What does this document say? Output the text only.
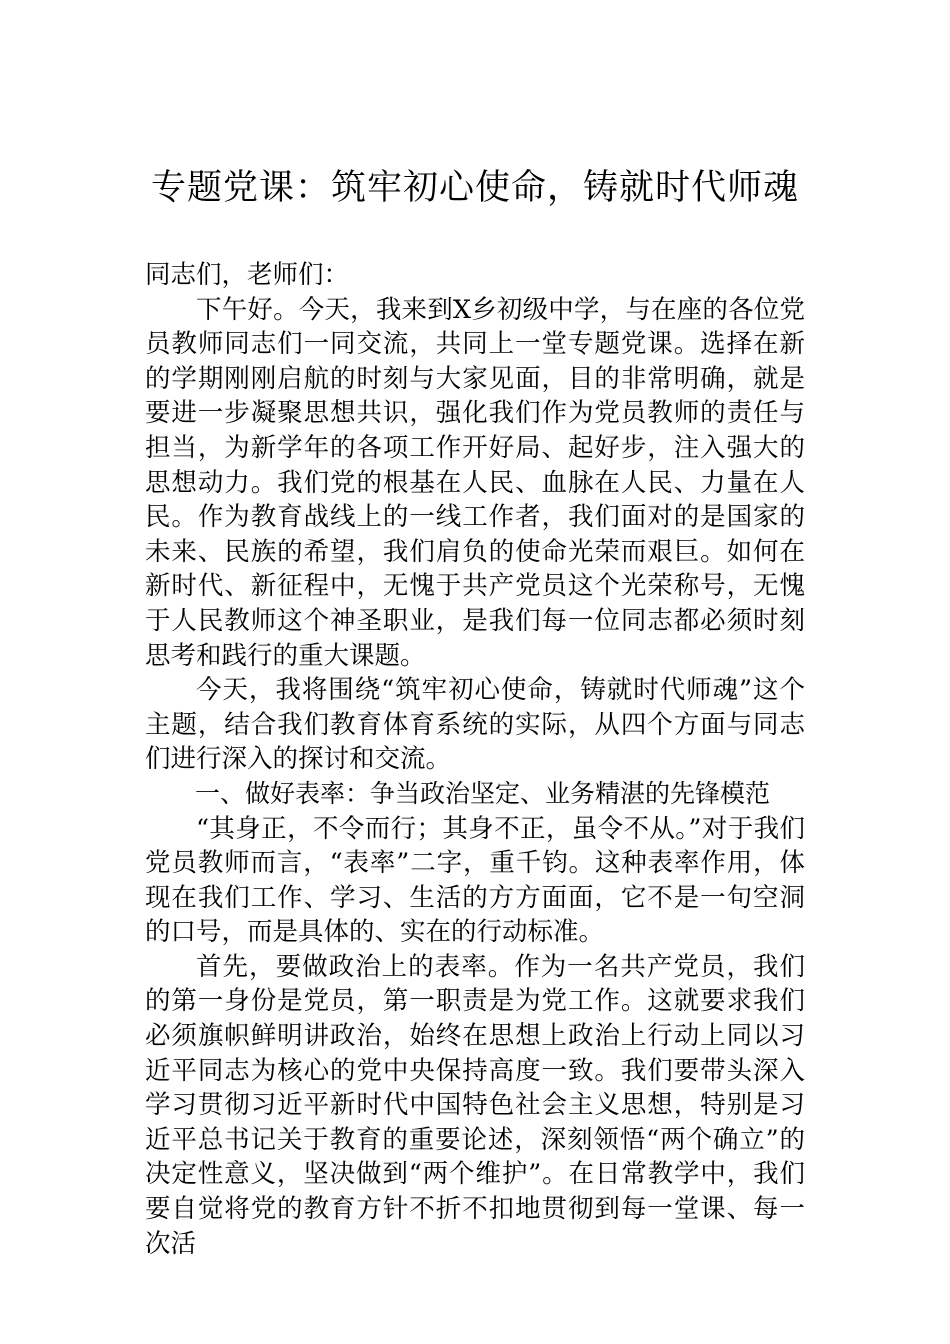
专题党课：筑牢初心使命，铸就时代师魂

同志们，老师们：

下午好。今天，我来到X乡初级中学，与在座的各位党员教师同志们一同交流，共同上一堂专题党课。选择在新的学期刚刚启航的时刻与大家见面，目的非常明确，就是要进一步凝聚思想共识，强化我们作为党员教师的责任与担当，为新学年的各项工作开好局、起好步，注入强大的思想动力。我们党的根基在人民、血脉在人民、力量在人民。作为教育战线上的一线工作者，我们面对的是国家的未来、民族的希望，我们肩负的使命光荣而艰巨。如何在新时代、新征程中，无愧于共产党员这个光荣称号，无愧于人民教师这个神圣职业，是我们每一位同志都必须时刻思考和践行的重大课题。

今天，我将围绕“筑牢初心使命，铸就时代师魂”这个主题，结合我们教育体育系统的实际，从四个方面与同志们进行深入的探讨和交流。

一、做好表率：争当政治坚定、业务精湛的先锋模范

“其身正，不令而行；其身不正，虽令不从。”对于我们党员教师而言，“表率”二字，重千钧。这种表率作用，体现在我们工作、学习、生活的方方面面，它不是一句空洞的口号，而是具体的、实在的行动标准。

首先，要做政治上的表率。作为一名共产党员，我们的第一身份是党员，第一职责是为党工作。这就要求我们必须旗帜鲜明讲政治，始终在思想上政治上行动上同以习近平同志为核心的党中央保持高度一致。我们要带头深入学习贯彻习近平新时代中国特色社会主义思想，特别是习近平总书记关于教育的重要论述，深刻领悟“两个确立”的决定性意义，坚决做到“两个维护”。在日常教学中，我们要自觉将党的教育方针不折不扣地贯彻到每一堂课、每一次活
